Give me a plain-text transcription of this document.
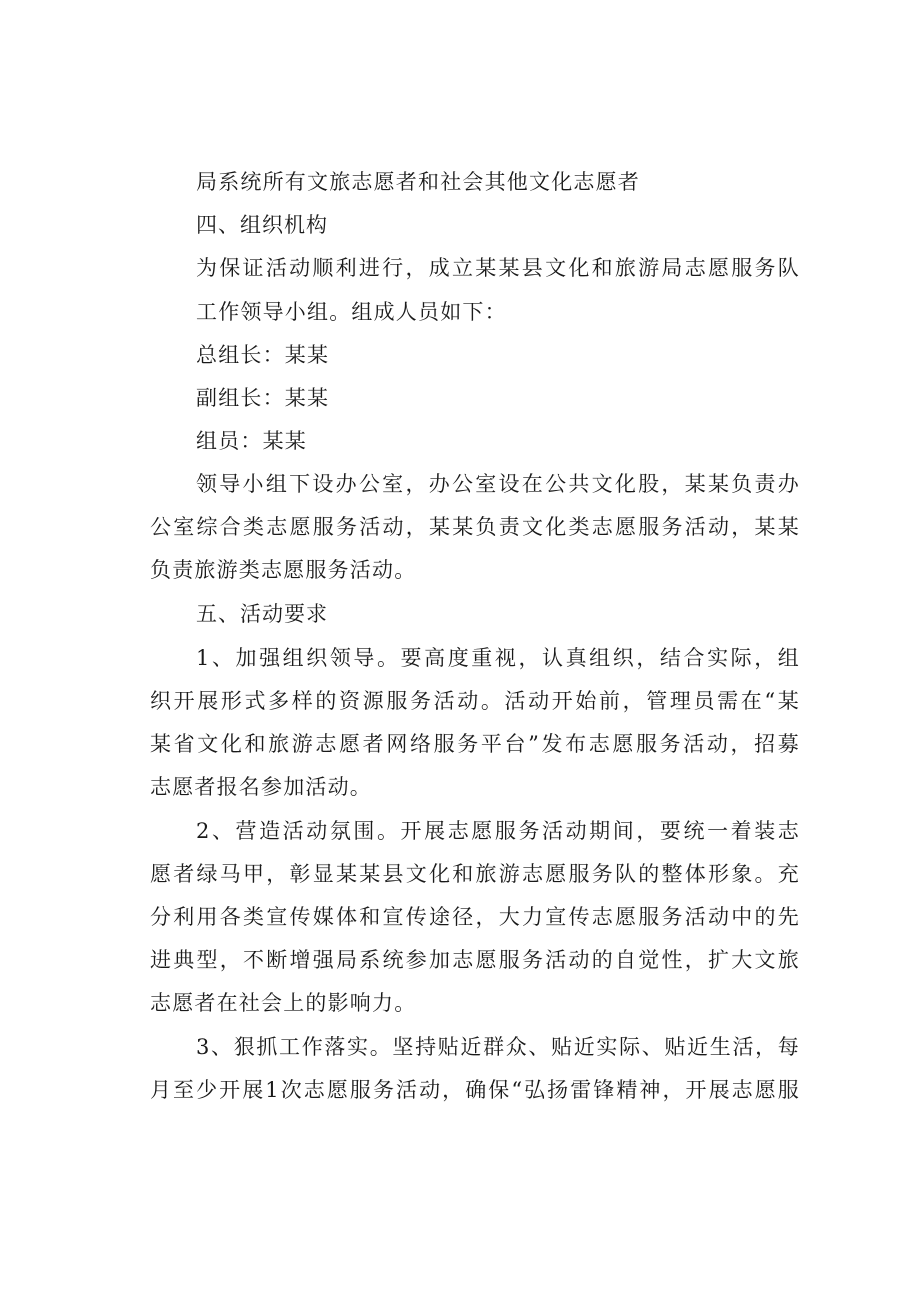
局系统所有文旅志愿者和社会其他文化志愿者
四、组织机构
为保证活动顺利进行，成立某某县文化和旅游局志愿服务队
工作领导小组。组成人员如下：
总组长：某某
副组长：某某
组员：某某
领导小组下设办公室，办公室设在公共文化股，某某负责办
公室综合类志愿服务活动，某某负责文化类志愿服务活动，某某
负责旅游类志愿服务活动。
五、活动要求
1、加强组织领导。要高度重视，认真组织，结合实际，组
织开展形式多样的资源服务活动。活动开始前，管理员需在“某
某省文化和旅游志愿者网络服务平台”发布志愿服务活动，招募
志愿者报名参加活动。
2、营造活动氛围。开展志愿服务活动期间，要统一着装志
愿者绿马甲，彰显某某县文化和旅游志愿服务队的整体形象。充
分利用各类宣传媒体和宣传途径，大力宣传志愿服务活动中的先
进典型，不断增强局系统参加志愿服务活动的自觉性，扩大文旅
志愿者在社会上的影响力。
3、狠抓工作落实。坚持贴近群众、贴近实际、贴近生活，每
月至少开展1次志愿服务活动，确保“弘扬雷锋精神，开展志愿服
